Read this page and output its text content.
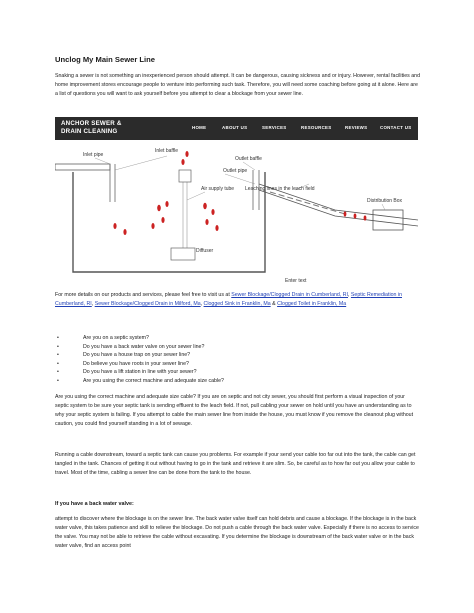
Unclog My Main Sewer Line

Snaking a sewer is not something an inexperienced person should attempt. It can be dangerous, causing sickness and or injury. However, rental facilities and home improvement stores encourage people to venture into performing such task. Therefore, you will need some coaching before going at it alone. Here are a list of questions you will want to ask yourself before you attempt to clear a blockage from your sewer line.

ANCHOR SEWER &
DRAIN CLEANING
HOME	ABOUT US	SERVICES	RESOURCES	REVIEWS	CONTACT US
Inlet pipe
Inlet baffle
Outlet baffle
Outlet pipe
Air supply tube Leaching lines in the leach field
Distribution Box
Diffuser
Enter text

For more details on our products and services, please feel free to visit us at Sewer Blockage/Clogged Drain in Cumberland, RI, Septic Remediation in Cumberland, RI, Sewer Blockage/Clogged Drain in Milford, Ma, Clogged Sink in Franklin, Ma & Clogged Toilet in Franklin, Ma

•	Are you on a septic system?
•	Do you have a back water valve on your sewer line?
•	Do you have a house trap on your sewer line?
•	Do believe you have roots in your sewer line?
•	Do you have a lift station in line with your sewer?
•	Are you using the correct machine and adequate size cable?

Are you using the correct machine and adequate size cable? If you are on septic and not city sewer, you should first perform a visual inspection of your septic system to be sure your septic tank is sending effluent to the leach field. If not, pull cabling your sewer on hold until you have an understanding as to why your septic system is failing. If you attempt to cable the main sewer line from inside the house, you must know if you remove the cleanout plug without caution, you could find yourself standing in a lot of sewage.

Running a cable downstream, toward a septic tank can cause you problems. For example if your send your cable too far out into the tank, the cable can get tangled in the tank. Chances of getting it out without having to go in the tank and retrieve it are slim. So, be careful as to how far out you allow your cable to travel. Most of the time, cabling a sewer line can be done from the tank to the house.

If you have a back water valve:

attempt to discover where the blockage is on the sewer line. The back water valve itself can hold debris and cause a blockage. If the blockage is in the back water valve, this takes patience and skill to relieve the blockage. Do not push a cable through the back water valve. Especially if there is no access to service the valve. You may not be able to retrieve the cable without excavating. If you determine the blockage is downstream of the back water valve or in the back water valve, find an access point
